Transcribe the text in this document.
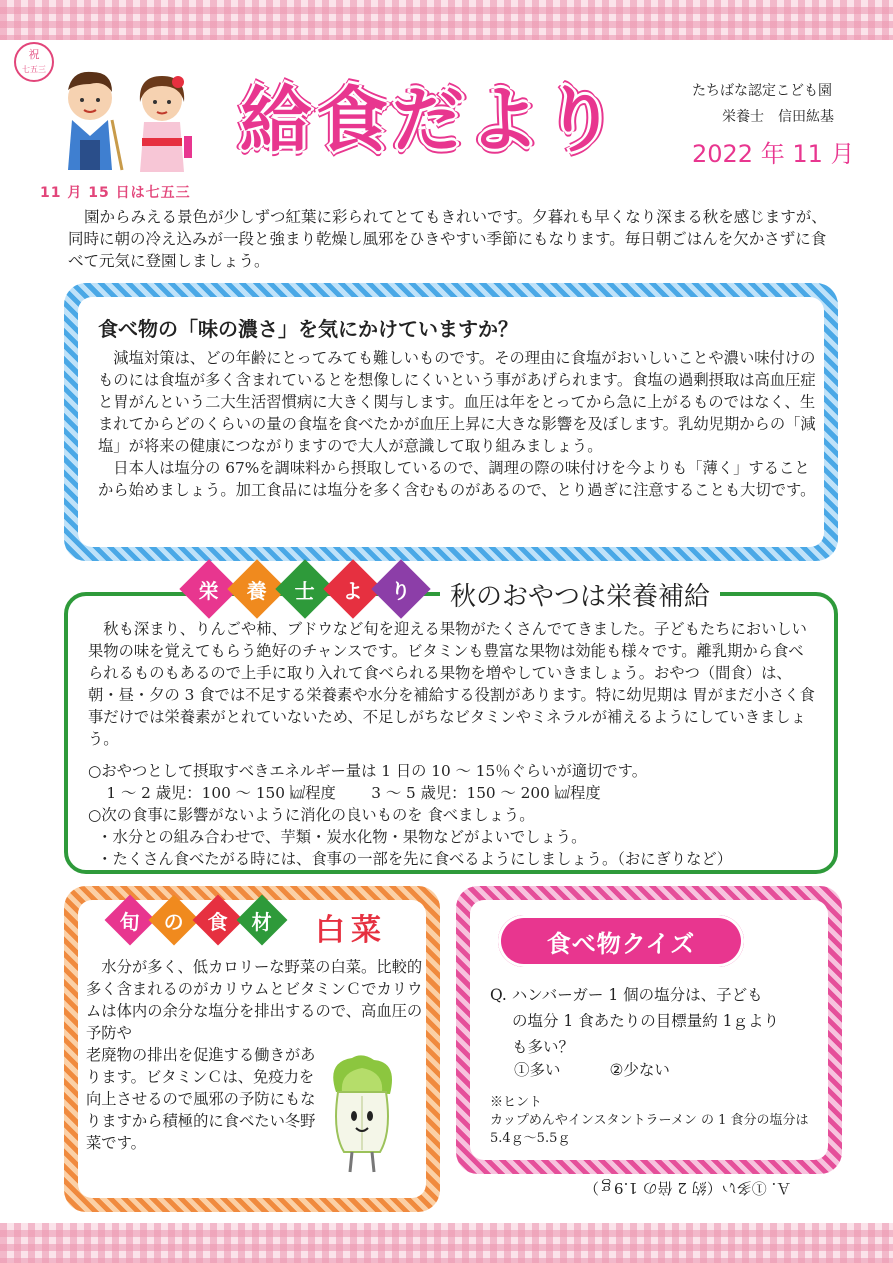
祝
七五三
11 月 15 日は七五三
給食だより	たちばな認定こども園
栄養士　信田紘基
2022 年 11 月
園からみえる景色が少しずつ紅葉に彩られてとてもきれいです。夕暮れも早くなり深まる秋を感じますが、同時に朝の冷え込みが一段と強まり乾燥し風邪をひきやすい季節にもなります。毎日朝ごはんを欠かさずに食べて元気に登園しましょう。
食べ物の「味の濃さ」を気にかけていますか？
減塩対策は、どの年齢にとってみても難しいものです。その理由に食塩がおいしいことや濃い味付けのものには食塩が多く含まれているとを想像しにくいという事があげられます。食塩の過剰摂取は高血圧症と胃がんという二大生活習慣病に大きく関与します。血圧は年をとってから急に上がるものではなく、生まれてからどのくらいの量の食塩を食べたかが血圧上昇に大きな影響を及ぼします。乳幼児期からの「減塩」が将来の健康につながりますので大人が意識して取り組みましょう。
日本人は塩分の 67%を調味料から摂取しているので、調理の際の味付けを今よりも「薄く」することから始めましょう。加工食品には塩分を多く含むものがあるので、とり過ぎに注意することも大切です。
秋も深まり、りんごや柿、ブドウなど旬を迎える果物がたくさんでてきました。子どもたちにおいしい果物の味を覚えてもらう絶好のチャンスです。ビタミンも豊富な果物は効能も様々です。離乳期から食べられるものもあるので上手に取り入れて食べられる果物を増やしていきましょう。おやつ（間食）は、朝・昼・夕の 3 食では不足する栄養素や水分を補給する役割があります。特に幼児期は 胃がまだ小さく食事だけでは栄養素がとれていないため、不足しがちなビタミンやミネラルが補えるようにしていきましょう。
○おやつとして摂取すべきエネルギー量は 1 日の 10 ～ 15％ぐらいが適切です。
1 ～ 2 歳児：100 ～ 150 ㎉程度　　 3 ～ 5 歳児：150 ～ 200 ㎉程度
○次の食事に影響がないように消化の良いものを 食べましょう。
・水分との組み合わせで、芋類・炭水化物・果物などがよいでしょう。
・たくさん食べたがる時には、食事の一部を先に食べるようにしましょう。（おにぎりなど）
栄 養 士 よ り	秋のおやつは栄養補給
旬 の 食 材 白菜
水分が多く、低カロリーな野菜の白菜。比較的多く含まれるのがカリウムとビタミンＣでカリウムは体内の余分な塩分を排出するので、高血圧の予防や
老廃物の排出を促進する働きがあります。ビタミンＣは、免疫力を向上させるので風邪の予防にもなりますから積極的に食べたい冬野菜です。
食べ物クイズ
Q. ハンバーガー 1 個の塩分は、子ども
の塩分 1 食あたりの目標量約 1ｇより
も多い？
①多い	②少ない
※ヒント
カップめんやインスタントラーメン の 1 食分の塩分は 5.4ｇ～5.5ｇ
Ａ. ①多い（約 2 倍の 1.9ｇ）
